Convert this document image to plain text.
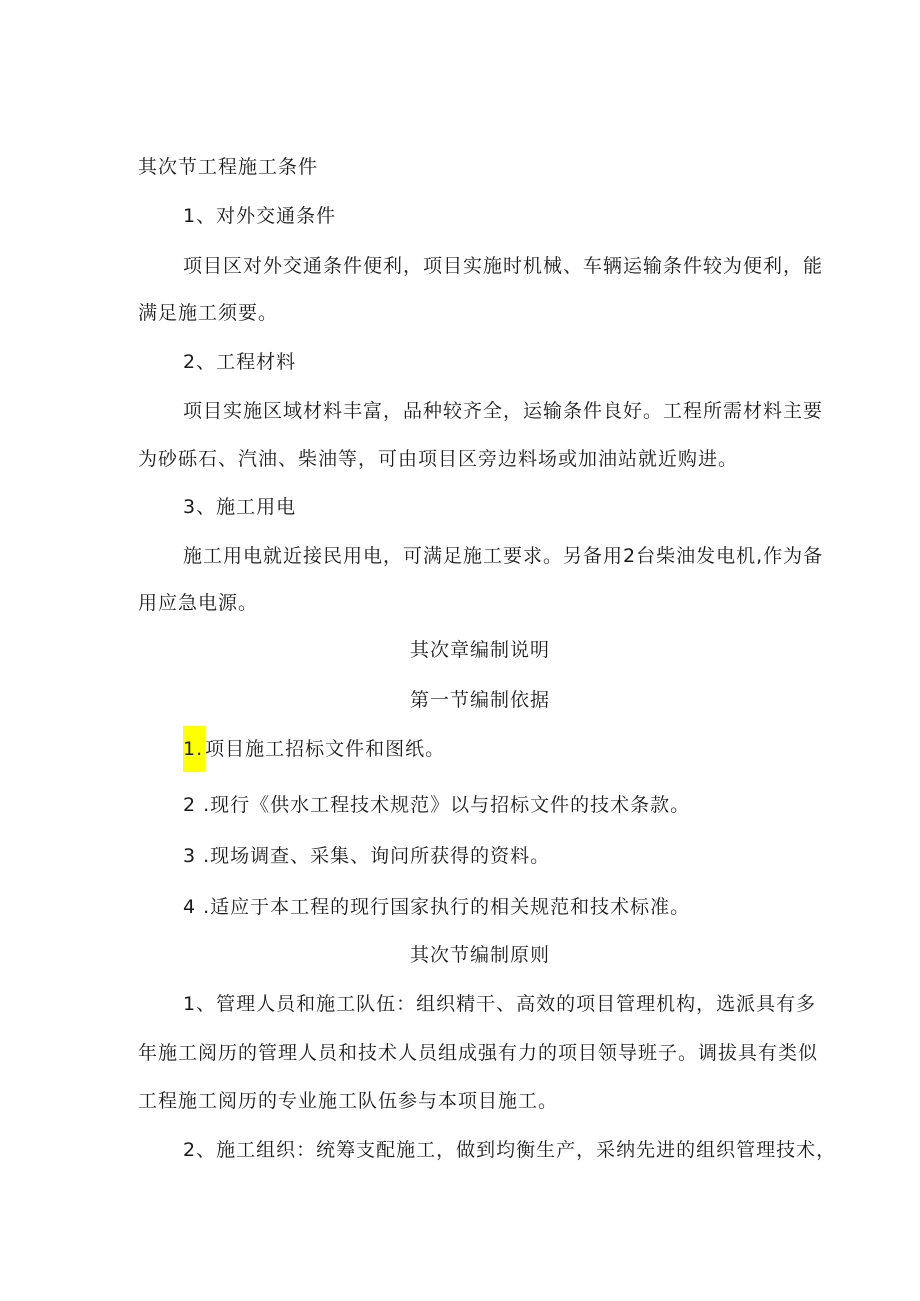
其次节工程施工条件
1、对外交通条件
项目区对外交通条件便利，项目实施时机械、车辆运输条件较为便利，能
满足施工须要。
2、工程材料
项目实施区域材料丰富，品种较齐全，运输条件良好。工程所需材料主要
为砂砾石、汽油、柴油等，可由项目区旁边料场或加油站就近购进。
3、施工用电
施工用电就近接民用电，可满足施工要求。另备用2台柴油发电机,作为备
用应急电源。
其次章编制说明
第一节编制依据
1. 项目施工招标文件和图纸。
2 .现行《供水工程技术规范》以与招标文件的技术条款。
3 .现场调查、采集、询问所获得的资料。
4 .适应于本工程的现行国家执行的相关规范和技术标准。
其次节编制原则
1、管理人员和施工队伍：组织精干、高效的项目管理机构，选派具有多
年施工阅历的管理人员和技术人员组成强有力的项目领导班子。调拔具有类似
工程施工阅历的专业施工队伍参与本项目施工。
2、施工组织：统筹支配施工，做到均衡生产，采纳先进的组织管理技术，
